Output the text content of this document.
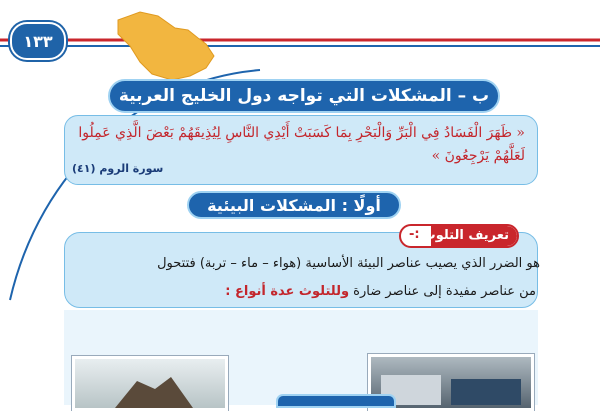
١٣٣
ب – المشكلات التي تواجه دول الخليج العربية
« ظَهَرَ الْفَسَادُ فِي الْبَرِّ وَالْبَحْرِ بِمَا كَسَبَتْ أَيْدِي النَّاسِ لِيُذِيقَهُمْ بَعْضَ الَّذِي عَمِلُوا
لَعَلَّهُمْ يَرْجِعُونَ »
سورة الروم (٤١)
أولًا : المشكلات البيئية
تعريف التلوث
:-
هو الضرر الذي يصيب عناصر البيئة الأساسية (هواء – ماء – تربة) فتتحول
من عناصر مفيدة إلى عناصر ضارة وللتلوث عدة أنواع :
